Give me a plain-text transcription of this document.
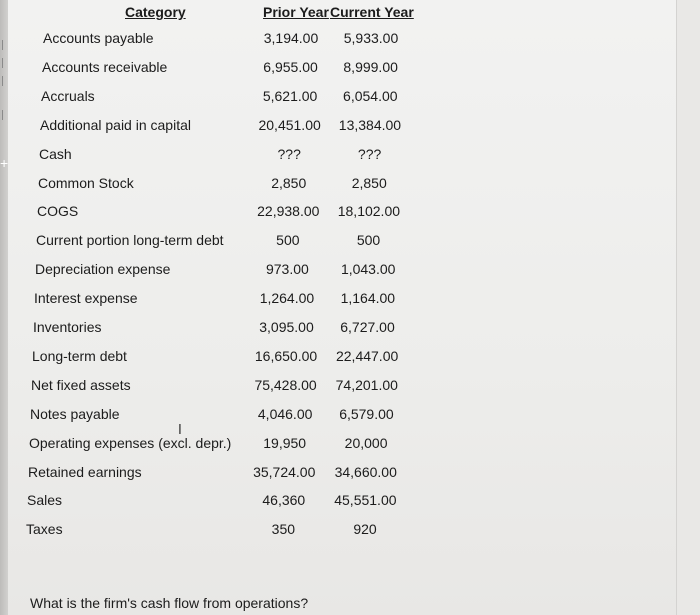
+
Category	Prior Year Current Year
Accounts payable	3,194.00	5,933.00
Accounts receivable	6,955.00	8,999.00
Accruals	5,621.00	6,054.00
Additional paid in capital	20,451.00	13,384.00
Cash	???	???
Common Stock	2,850	2,850
COGS	22,938.00	18,102.00
Current portion long-term debt	500	500
Depreciation expense	973.00	1,043.00
Interest expense	1,264.00	1,164.00
Inventories	3,095.00	6,727.00
Long-term debt	16,650.00	22,447.00
Net fixed assets	75,428.00	74,201.00
Notes payable	4,046.00	6,579.00
Operating expenses (excl. depr.)	19,950	20,000
Retained earnings	35,724.00	34,660.00
Sales	46,360	45,551.00
Taxes	350	920
I
What is the firm's cash flow from operations?
